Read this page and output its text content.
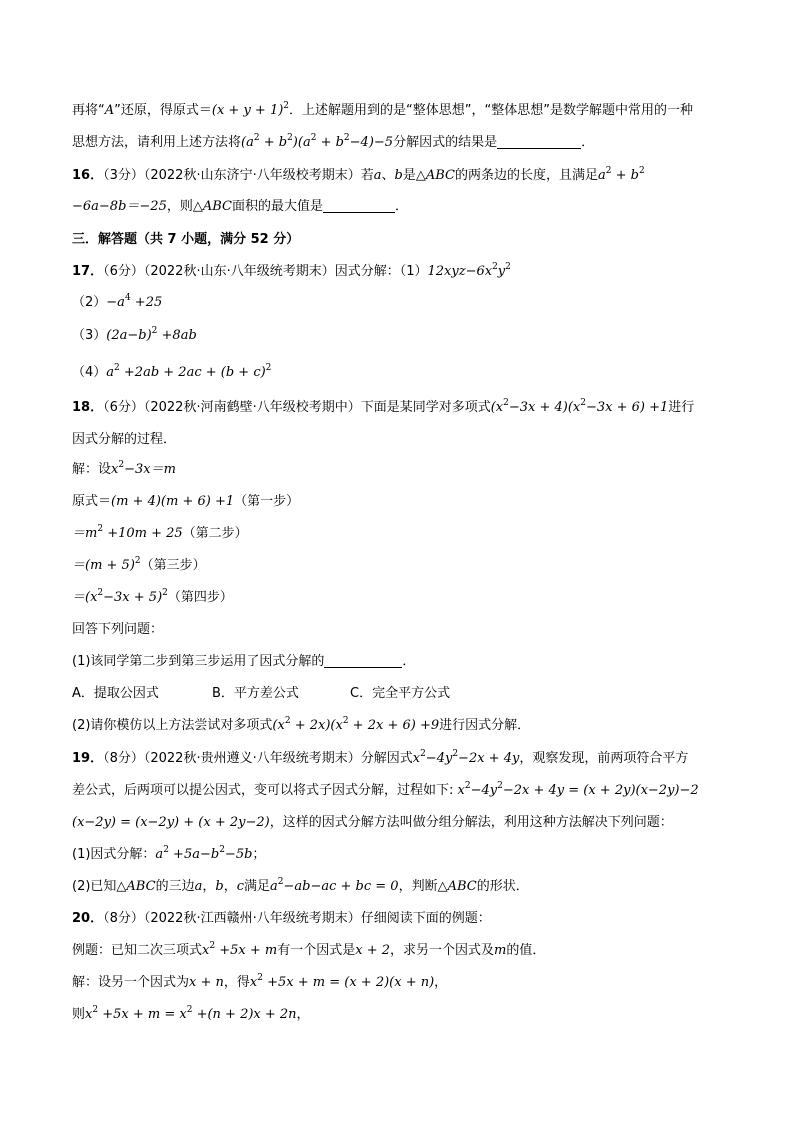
再将“A”还原，得原式$=(x + y + 1)^2$．上述解题用到的是“整体思想”，“整体思想”是数学解题中常用的一种
思想方法，请利用上述方法将$(a^2 + b^2)(a^2 + b^2-4)-5$分解因式的结果是	．
16．（3分）（2022秋·山东济宁·八年级校考期末）若a、b是△ABC的两条边的长度，且满足$a^2 + b^2$
−6a−8b＝−25，则△ABC面积的最大值是	．
三．解答题（共 7 小题，满分 52 分）
17．（6分）（2022秋·山东·八年级统考期末）因式分解：$(1)12xyz-6x^2y^2$
$(2)-a^4 +25$
$(3)(2a-b)^2 +8ab$
$(4)a^2 +2ab + 2ac + (b + c)^2$
18．（6分）（2022秋·河南鹤壁·八年级校考期中）下面是某同学对多项式$(x^2-3x + 4)(x^2-3x + 6) +1$进行
因式分解的过程．
解：设$x^2-3x=m$
原式＝(m + 4)(m + 6) +1（第一步）
$=m^2 +10m + 25$（第二步）
$=(m + 5)^2$（第三步）
$=(x^2-3x + 5)^2$（第四步）
回答下列问题：
(1)该同学第二步到第三步运用了因式分解的	．
A．提取公因式	B．平方差公式	C．完全平方公式
(2)请你模仿以上方法尝试对多项式$(x^2 + 2x)(x^2 + 2x + 6) +9$进行因式分解．
19．（8分）（2022秋·贵州遵义·八年级统考期末）分解因式$x^2-4y^2-2x + 4y$，观察发现，前两项符合平方
差公式，后两项可以提公因式，变可以将式子因式分解，过程如下: $x^2-4y^2-2x + 4y = (x + 2y)(x-2y)-2$
(x−2y) = (x−2y) + (x + 2y−2)，这样的因式分解方法叫做分组分解法，利用这种方法解决下列问题：
(1)因式分解：$a^2 +5a-b^2-5b$；
(2)已知△ABC的三边a，b，c满足$a^2-ab-ac$ + bc = 0，判断△ABC的形状．
20．（8分）（2022秋·江西赣州·八年级统考期末）仔细阅读下面的例题：
例题：已知二次三项式$x^2 +5x + m$有一个因式是x + 2，求另一个因式及m的值．
解：设另一个因式为x + n，得$x^2 +5x + m = (x + 2)(x + n)$，
则$x^2 +5x + m = x^2 +(n + 2)x + 2n$，
